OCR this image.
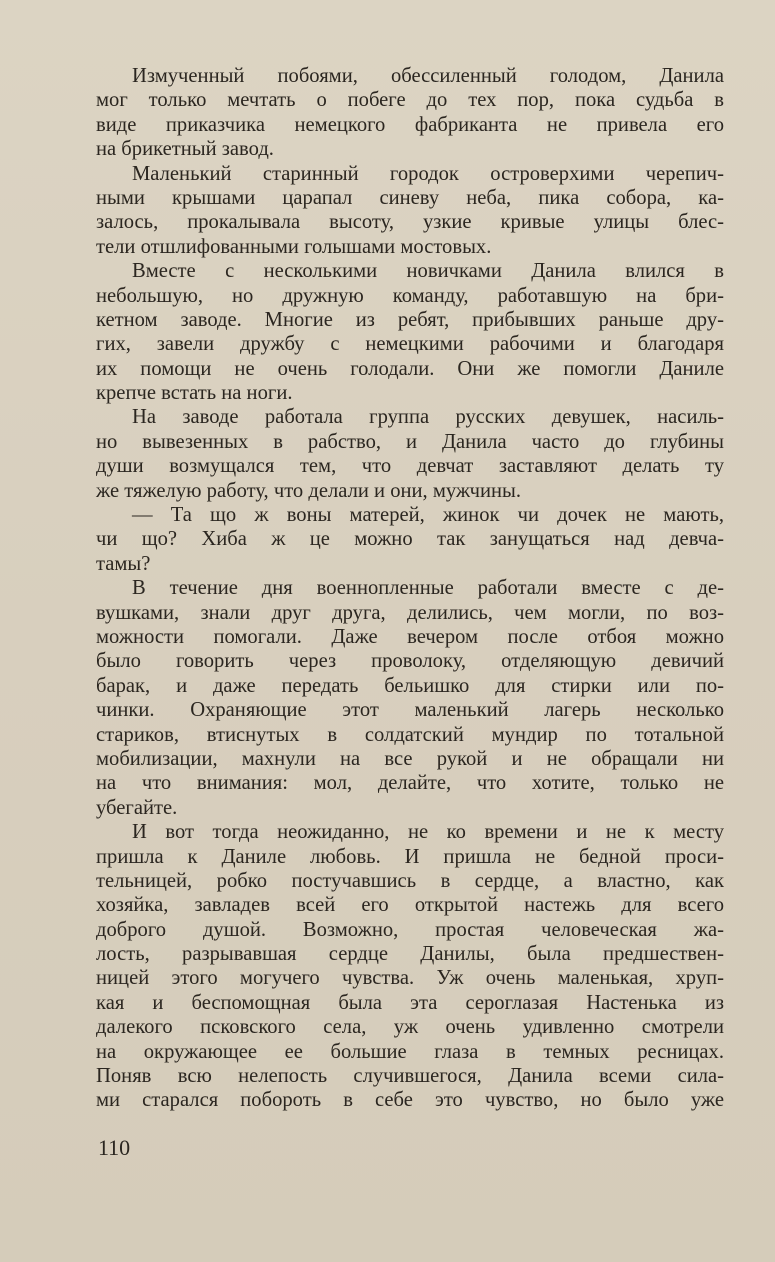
Измученный побоями, обессиленный голодом, Данила
мог только мечтать о побеге до тех пор, пока судьба в
виде приказчика немецкого фабриканта не привела его
на брикетный завод.
Маленький старинный городок островерхими черепич-
ными крышами царапал синеву неба, пика собора, ка-
залось, прокалывала высоту, узкие кривые улицы блес-
тели отшлифованными голышами мостовых.
Вместе с несколькими новичками Данила влился в
небольшую, но дружную команду, работавшую на бри-
кетном заводе. Многие из ребят, прибывших раньше дру-
гих, завели дружбу с немецкими рабочими и благодаря
их помощи не очень голодали. Они же помогли Даниле
крепче встать на ноги.
На заводе работала группа русских девушек, насиль-
но вывезенных в рабство, и Данила часто до глубины
души возмущался тем, что девчат заставляют делать ту
же тяжелую работу, что делали и они, мужчины.
— Та що ж воны матерей, жинок чи дочек не мають,
чи що? Хиба ж це можно так занущаться над девча-
тамы?
В течение дня военнопленные работали вместе с де-
вушками, знали друг друга, делились, чем могли, по воз-
можности помогали. Даже вечером после отбоя можно
было говорить через проволоку, отделяющую девичий
барак, и даже передать бельишко для стирки или по-
чинки. Охраняющие этот маленький лагерь несколько
стариков, втиснутых в солдатский мундир по тотальной
мобилизации, махнули на все рукой и не обращали ни
на что внимания: мол, делайте, что хотите, только не
убегайте.
И вот тогда неожиданно, не ко времени и не к месту
пришла к Даниле любовь. И пришла не бедной проси-
тельницей, робко постучавшись в сердце, а властно, как
хозяйка, завладев всей его открытой настежь для всего
доброго душой. Возможно, простая человеческая жа-
лость, разрывавшая сердце Данилы, была предшествен-
ницей этого могучего чувства. Уж очень маленькая, хруп-
кая и беспомощная была эта сероглазая Настенька из
далекого псковского села, уж очень удивленно смотрели
на окружающее ее большие глаза в темных ресницах.
Поняв всю нелепость случившегося, Данила всеми сила-
ми старался побороть в себе это чувство, но было уже
110
